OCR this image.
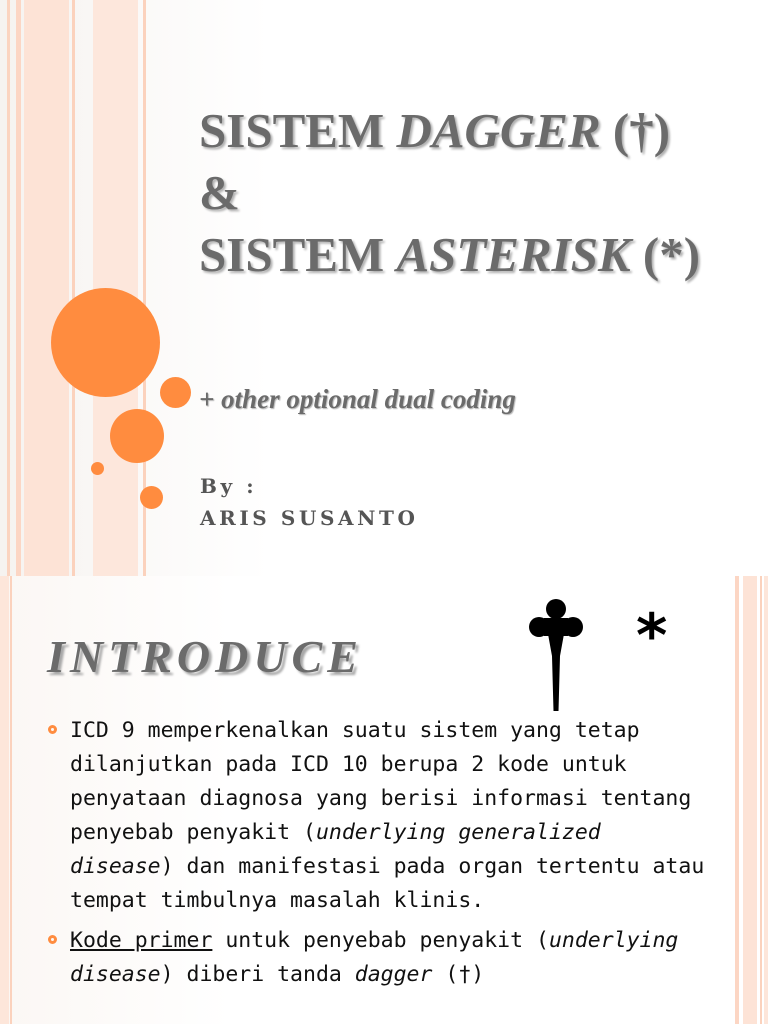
SISTEM DAGGER (†)
&
SISTEM ASTERISK (*)
+ other optional dual coding
By :
ARIS SUSANTO
INTRODUCE	*
ICD 9 memperkenalkan suatu sistem yang tetap dilanjutkan pada ICD 10 berupa 2 kode untuk penyataan diagnosa yang berisi informasi tentang penyebab penyakit (underlying generalized disease) dan manifestasi pada organ tertentu atau tempat timbulnya masalah klinis.
Kode primer untuk penyebab penyakit (underlying disease) diberi tanda dagger (†)
